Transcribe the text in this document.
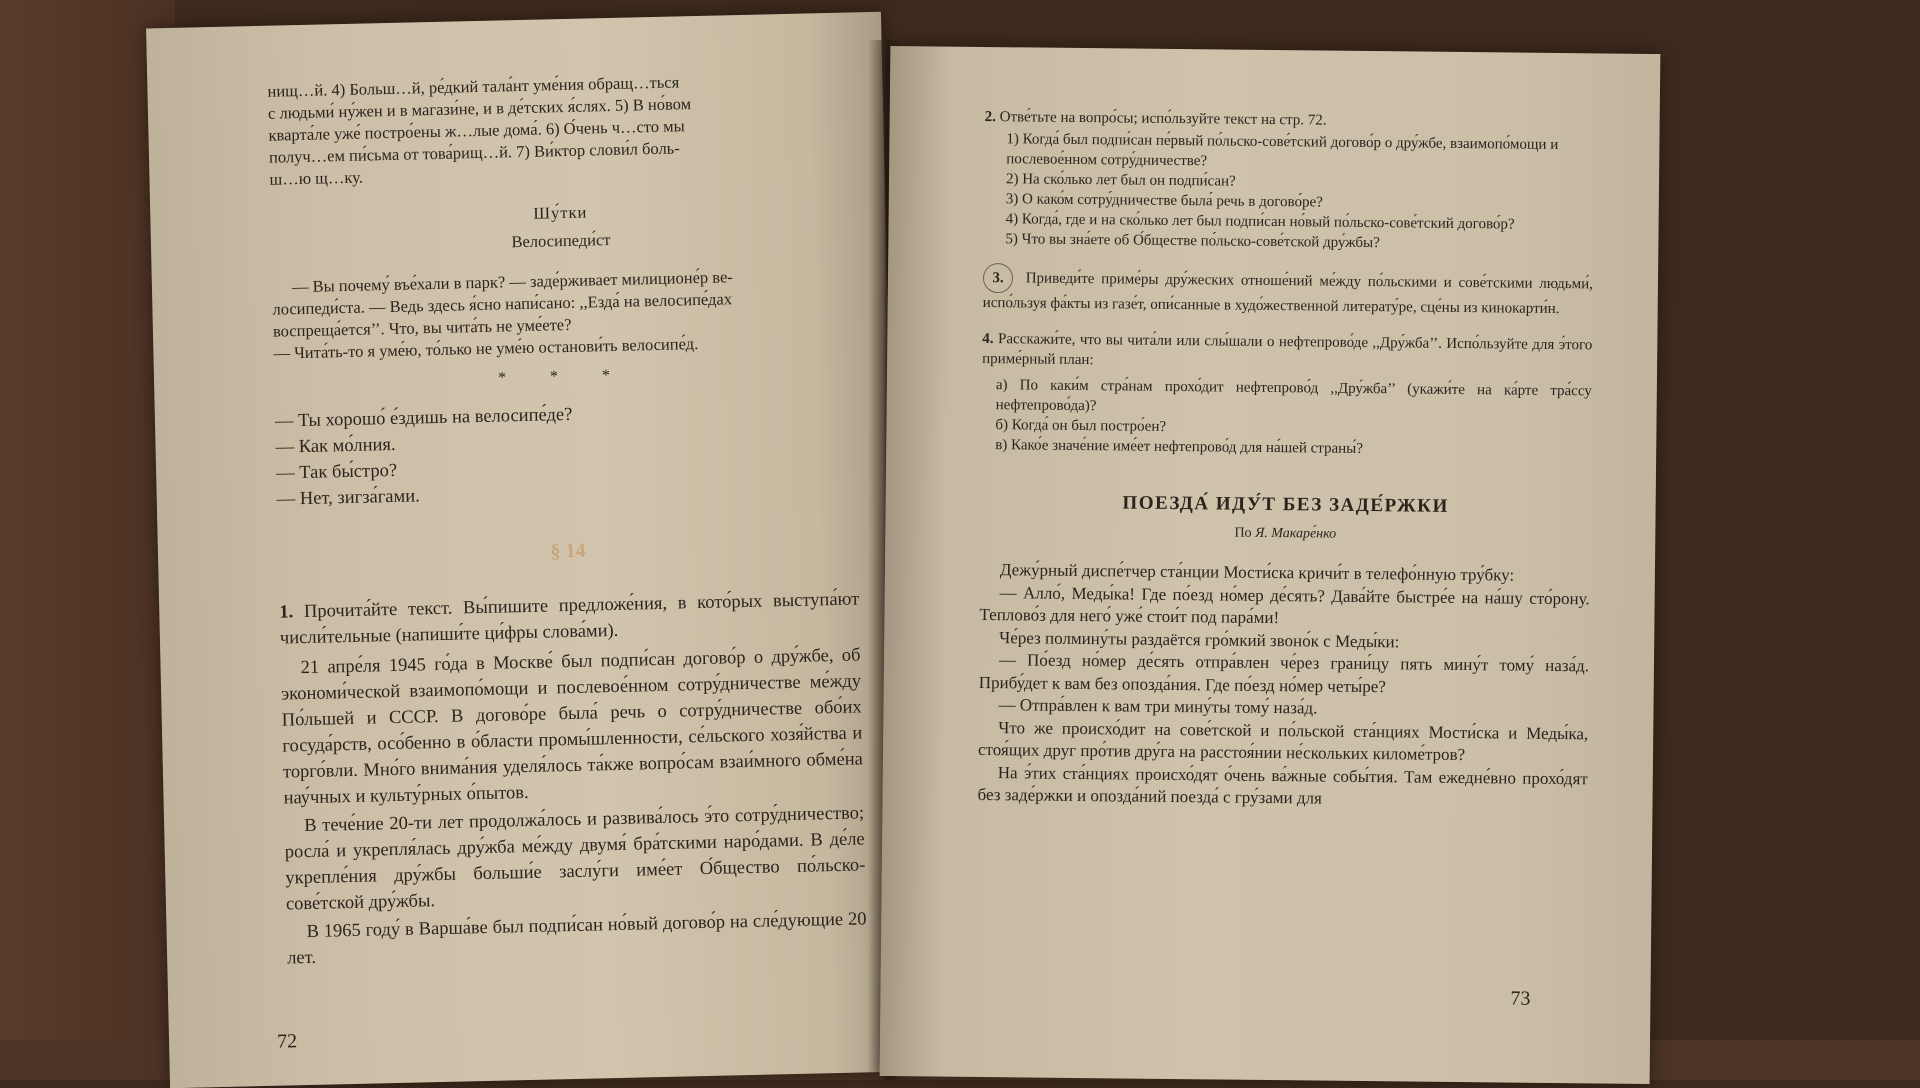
нищ…й. 4) Больш…й, ре́дкий тала́нт уме́ния обращ…ться

с людьми́ ну́жен и в магази́не, и в де́тских я́слях. 5) В но́вом

кварта́ле уже́ постро́ены ж…лые дома́. 6) О́чень ч…сто мы

получ…ем пи́сьма от това́рищ…й. 7) Ви́ктор слови́л боль-

ш…ю щ…ку.

Шу́тки

Велосипеди́ст

— Вы почему́ въе́хали в парк? — заде́рживает милиционе́р ве-

лосипеди́ста. — Ведь здесь я́сно напи́сано: ,,Езда́ на велосипе́дах

воспреща́ется’’. Что, вы чита́ть не уме́ете?

— Чита́ть-то я уме́ю, то́лько не уме́ю останови́ть велосипе́д.

* * *

— Ты хорошо́ е́здишь на велосипе́де?

— Как мо́лния.

— Так бы́стро?

— Нет, зигза́гами.

§ 14

1. Прочита́йте текст. Вы́пишите предложе́ния, в кото́рых выступа́ют числи́тельные (напиши́те ци́фры слова́ми).

21 апре́ля 1945 го́да в Москве́ был подпи́сан догово́р о дру́жбе, об экономи́ческой взаимопо́мощи и послевое́нном сотру́дничестве ме́жду По́льшей и СССР. В догово́ре была́ речь о сотру́дничестве обо́их госуда́рств, осо́бенно в о́бласти промы́шленности, се́льского хозя́йства и торго́вли. Мно́го внима́ния уделя́лось та́кже вопро́сам взаи́много обме́на нау́чных и культу́рных о́пытов.

В тече́ние 20-ти лет продолжа́лось и развива́лось э́то сотру́дничество; росла́ и укрепля́лась дру́жба ме́жду двумя́ бра́тскими наро́дами. В де́ле укрепле́ния дру́жбы больши́е заслу́ги име́ет О́бщество по́льско-сове́тской дру́жбы.

В 1965 году́ в Варша́ве был подпи́сан но́вый догово́р на сле́дующие 20 лет.

72

2. Отве́тьте на вопро́сы; испо́льзуйте текст на стр. 72.

1) Когда́ был подпи́сан пе́рвый по́льско-сове́тский догово́р о дру́жбе, взаимопо́мощи и послевое́нном сотру́дничестве?

2) На ско́лько лет был он подпи́сан?

3) О како́м сотру́дничестве была́ речь в догово́ре?

4) Когда́, где и на ско́лько лет был подпи́сан но́вый по́льско-сове́тский догово́р?

5) Что вы зна́ете об О́бществе по́льско-сове́тской дру́жбы?

3. Приведи́те приме́ры дру́жеских отноше́ний ме́жду по́льскими и сове́тскими людьми́, испо́льзуя фа́кты из газе́т, опи́санные в худо́жественной литерату́ре, сце́ны из кинокарти́н.

4. Расскажи́те, что вы чита́ли или слы́шали о нефтепрово́де ,,Дру́жба’’. Испо́льзуйте для э́того приме́рный план:

а) По каки́м стра́нам прохо́дит нефтепрово́д ,,Дру́жба’’ (укажи́те на ка́рте тра́ссу нефтепрово́да)?

б) Когда́ он был постро́ен?

в) Како́е значе́ние име́ет нефтепрово́д для на́шей страны́?

ПОЕЗДА́ ИДУ́Т БЕЗ ЗАДЕ́РЖКИ

По Я. Макаре́нко

Дежу́рный диспе́тчер ста́нции Мости́ска кричи́т в телефо́нную тру́бку:

— Алло́, Меды́ка! Где по́езд но́мер де́сять? Дава́йте быстре́е на на́шу сто́рону. Теплово́з для него́ уже́ стои́т под пара́ми!

Че́рез полмину́ты раздаётся гро́мкий звоно́к с Меды́ки:

— По́езд но́мер де́сять отпра́влен че́рез грани́цу пять мину́т тому́ наза́д. Прибу́дет к вам без опозда́ния. Где по́езд но́мер четы́ре?

— Отпра́влен к вам три мину́ты тому́ наза́д.

Что же происхо́дит на сове́тской и по́льской ста́нциях Мости́ска и Меды́ка, стоя́щих друг про́тив дру́га на расстоя́нии не́скольких киломе́тров?

На э́тих ста́нциях происхо́дят о́чень ва́жные собы́тия. Там ежедне́вно прохо́дят без заде́ржки и опозда́ний поезда́ с гру́зами для

73
